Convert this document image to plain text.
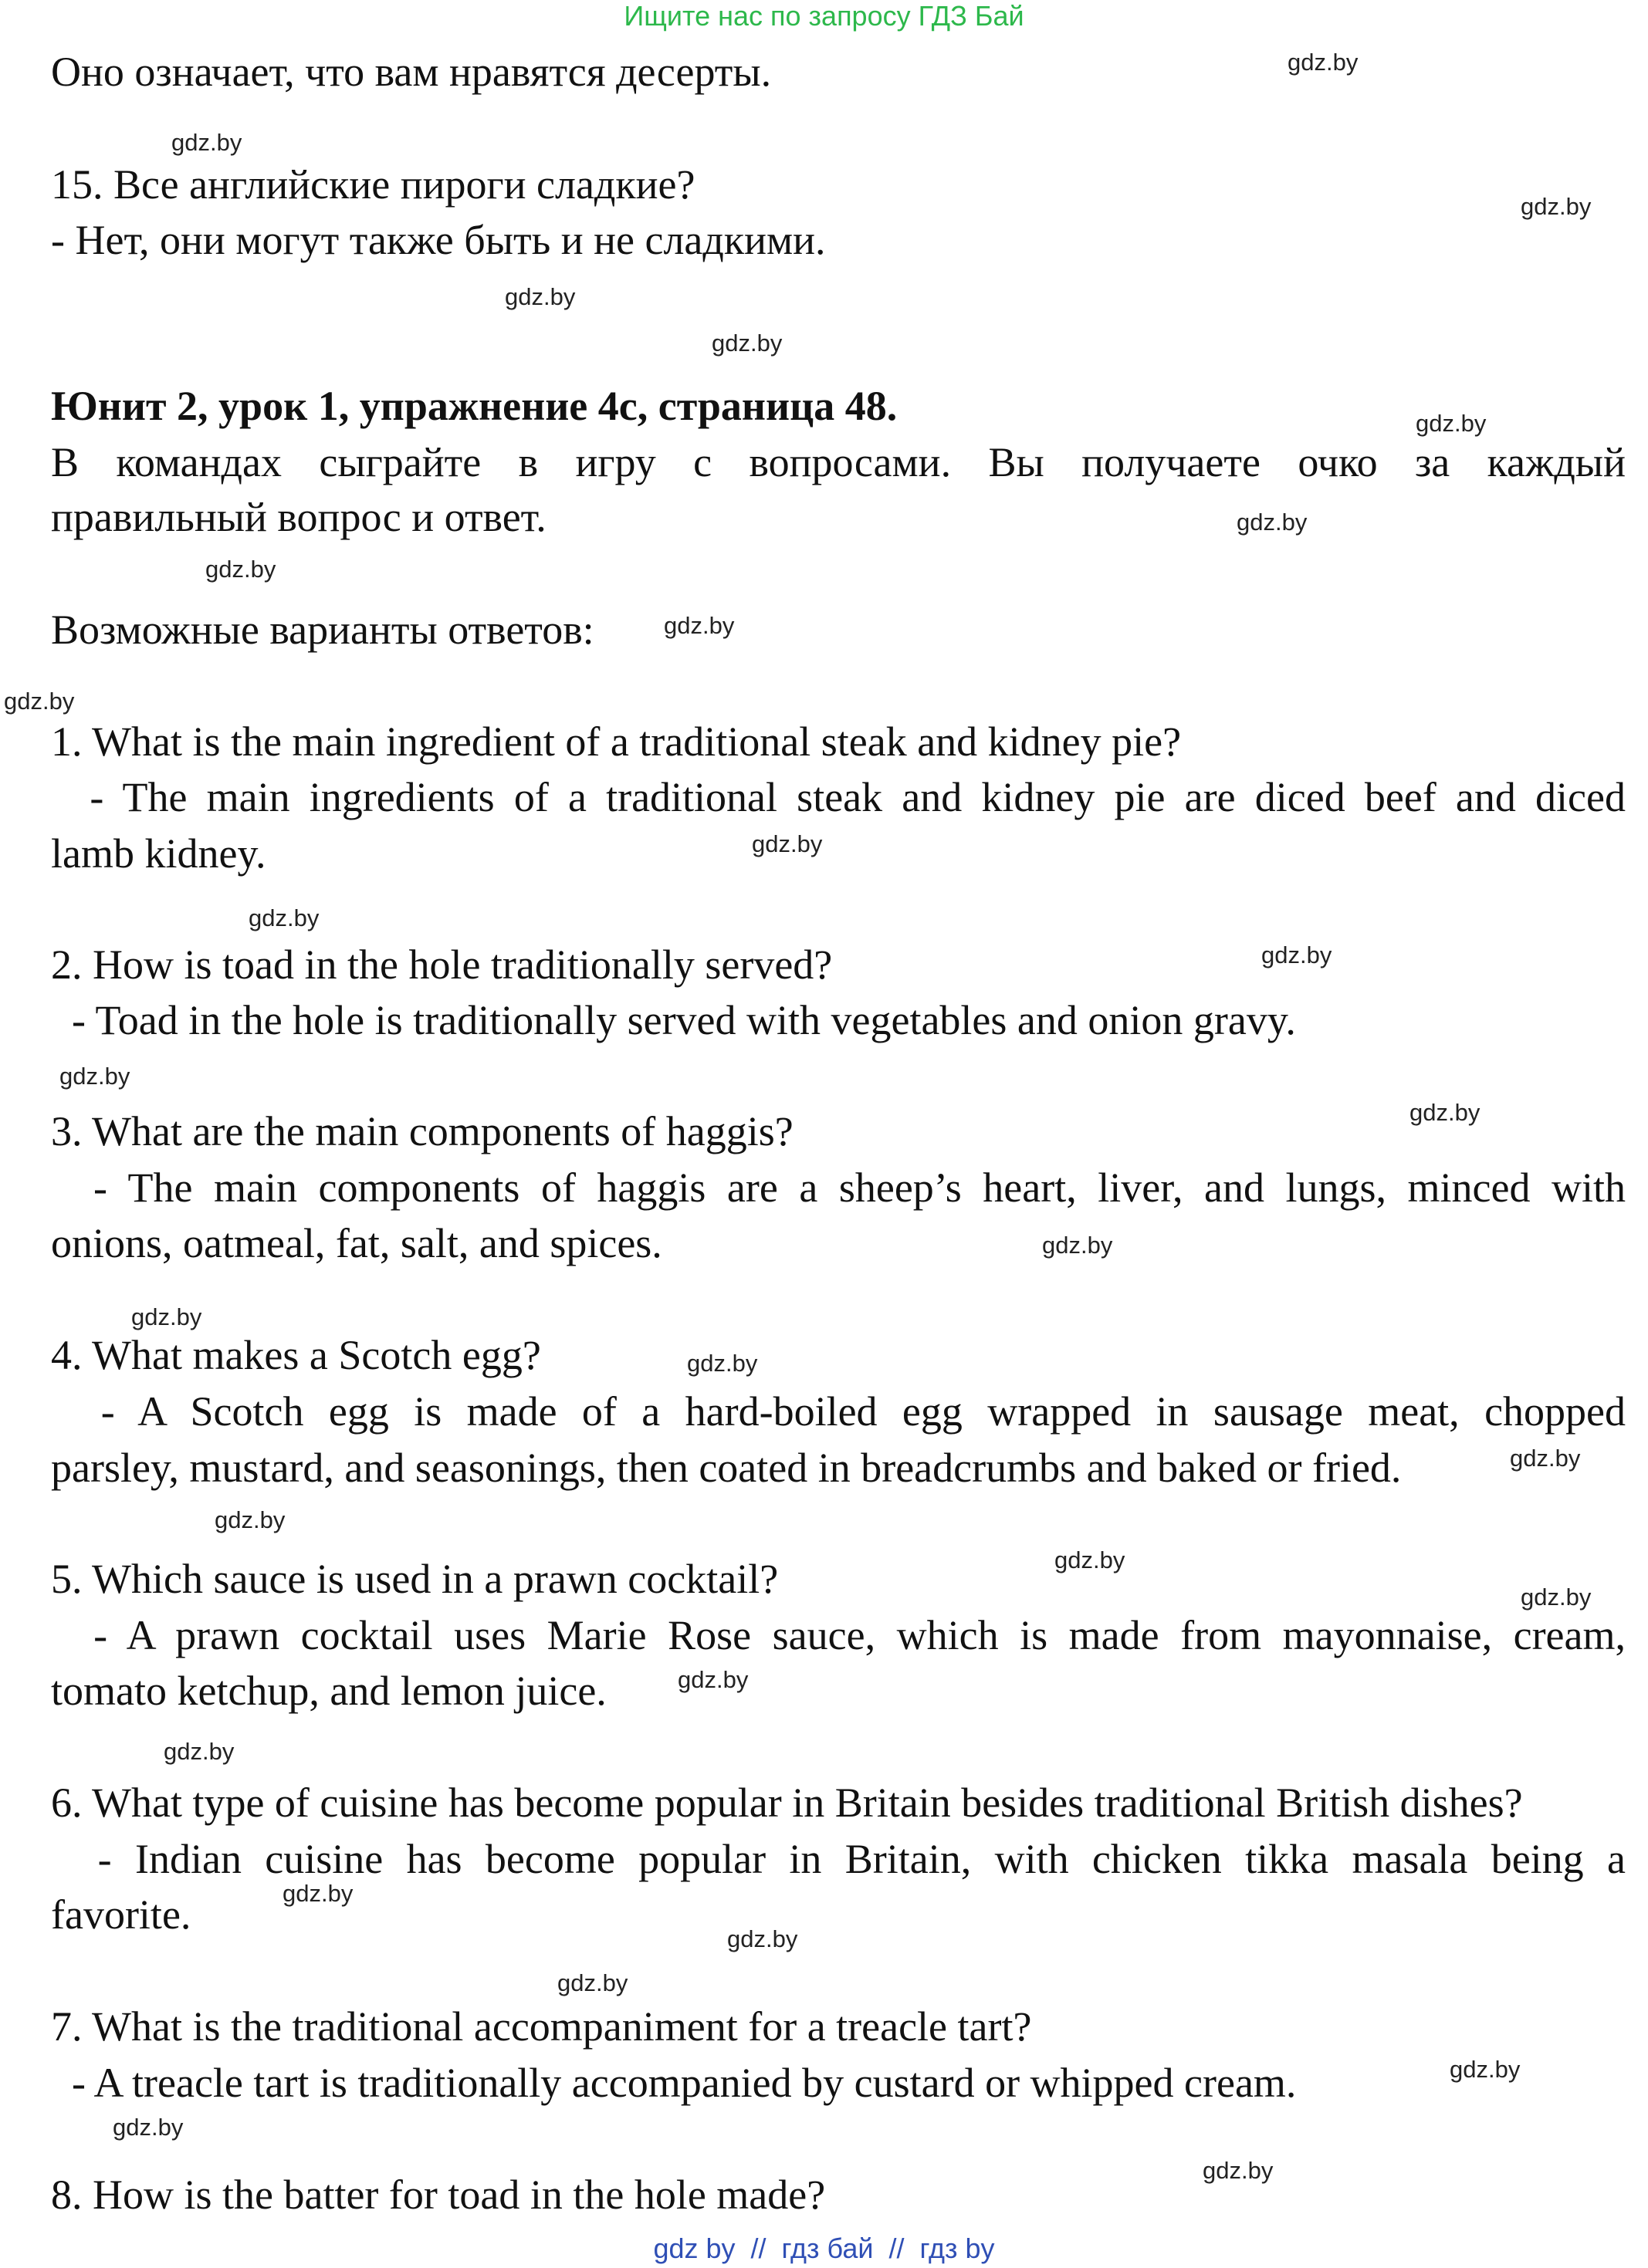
Ищите нас по запросу ГДЗ Бай
Оно означает, что вам нравятся десерты.
15. Все английские пироги сладкие?
- Нет, они могут также быть и не сладкими.
Юнит 2, урок 1, упражнение 4c, страница 48.
В командах сыграйте в игру с вопросами. Вы получаете очко за каждый
правильный вопрос и ответ.
Возможные варианты ответов:
1. What is the main ingredient of a traditional steak and kidney pie?
- The main ingredients of a traditional steak and kidney pie are diced beef and diced
lamb kidney.
2. How is toad in the hole traditionally served?
- Toad in the hole is traditionally served with vegetables and onion gravy.
3. What are the main components of haggis?
- The main components of haggis are a sheep’s heart, liver, and lungs, minced with
onions, oatmeal, fat, salt, and spices.
4. What makes a Scotch egg?
- A Scotch egg is made of a hard-boiled egg wrapped in sausage meat, chopped
parsley, mustard, and seasonings, then coated in breadcrumbs and baked or fried.
5. Which sauce is used in a prawn cocktail?
- A prawn cocktail uses Marie Rose sauce, which is made from mayonnaise, cream,
tomato ketchup, and lemon juice.
6. What type of cuisine has become popular in Britain besides traditional British dishes?
- Indian cuisine has become popular in Britain, with chicken tikka masala being a
favorite.
7. What is the traditional accompaniment for a treacle tart?
- A treacle tart is traditionally accompanied by custard or whipped cream.
8. How is the batter for toad in the hole made?
gdz.by
gdz.by
gdz.by
gdz.by
gdz.by
gdz.by
gdz.by
gdz.by
gdz.by
gdz.by
gdz.by
gdz.by
gdz.by
gdz.by
gdz.by
gdz.by
gdz.by
gdz.by
gdz.by
gdz.by
gdz.by
gdz.by
gdz.by
gdz.by
gdz.by
gdz.by
gdz.by
gdz.by
gdz.by
gdz.by
gdz by  //  гдз бай  //  гдз by
